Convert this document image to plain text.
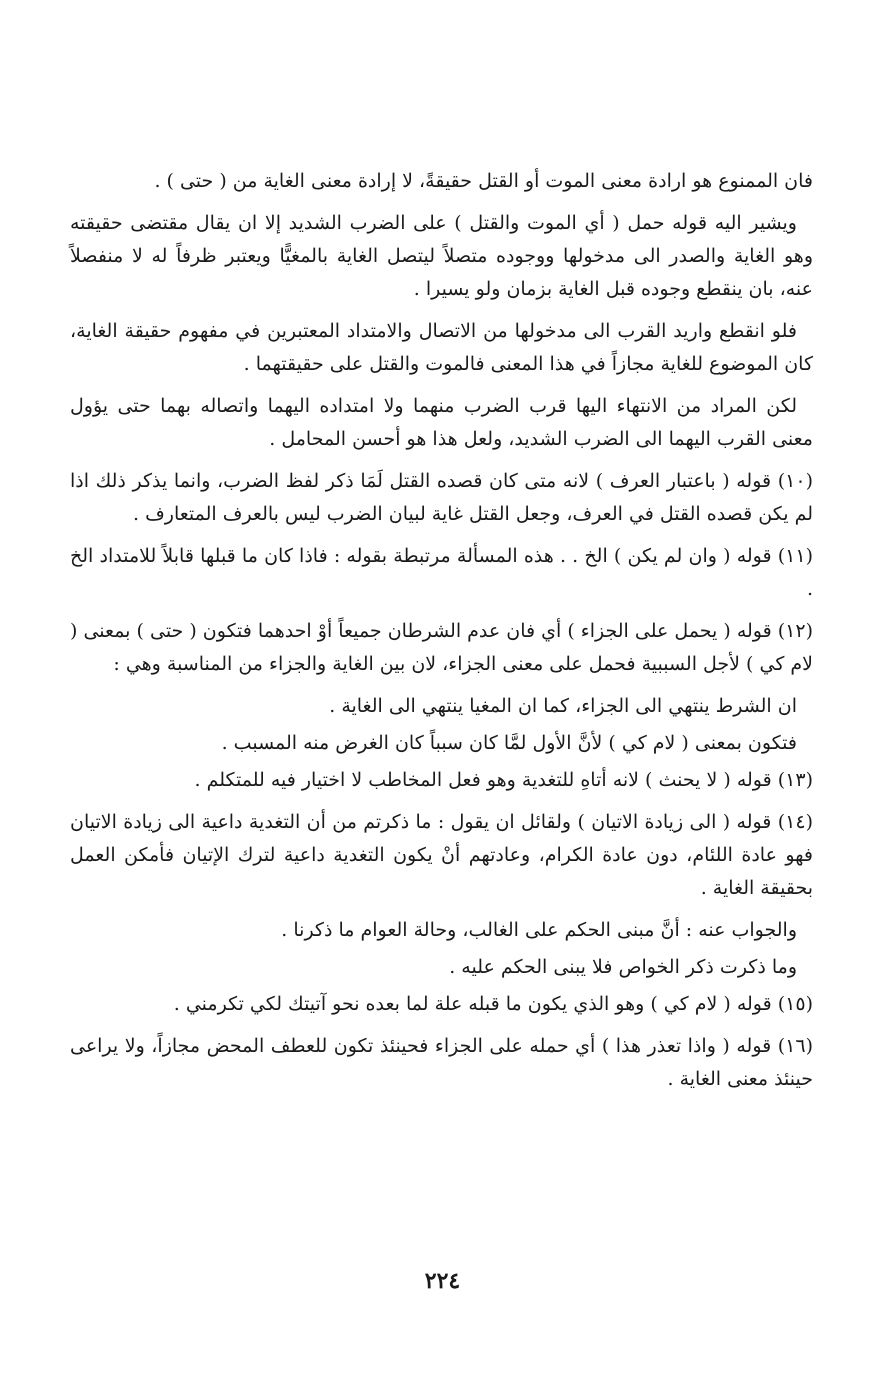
فان الممنوع هو ارادة معنى الموت أو القتل حقيقةً، لا إرادة معنى الغاية من ( حتى ) .

ويشير اليه قوله حمل ( أي الموت والقتل ) على الضرب الشديد إلا ان يقال مقتضى حقيقته وهو الغاية والصدر الى مدخولها ووجوده متصلاً ليتصل الغاية بالمغيًّا ويعتبر ظرفاً له لا منفصلاً عنه، بان ينقطع وجوده قبل الغاية بزمان ولو يسيرا .

فلو انقطع واريد القرب الى مدخولها من الاتصال والامتداد المعتبرين في مفهوم حقيقة الغاية، كان الموضوع للغاية مجازاً في هذا المعنى فالموت والقتل على حقيقتهما .

لكن المراد من الانتهاء اليها قرب الضرب منهما ولا امتداده اليهما واتصاله بهما حتى يؤول معنى القرب اليهما الى الضرب الشديد، ولعل هذا هو أحسن المحامل .

(١٠) قوله ( باعتبار العرف ) لانه متى كان قصده القتل لَمَا ذكر لفظ الضرب، وانما يذكر ذلك اذا لم يكن قصده القتل في العرف، وجعل القتل غاية لبيان الضرب ليس بالعرف المتعارف .

(١١) قوله ( وان لم يكن ) الخ . . هذه المسألة مرتبطة بقوله : فاذا كان ما قبلها قابلاً للامتداد الخ .

(١٢) قوله ( يحمل على الجزاء ) أي فان عدم الشرطان جميعاً أوْ احدهما فتكون ( حتى ) بمعنى ( لام كي ) لأجل السببية فحمل على معنى الجزاء، لان بين الغاية والجزاء من المناسبة وهي :

ان الشرط ينتهي الى الجزاء، كما ان المغيا ينتهي الى الغاية .

فتكون بمعنى ( لام كي ) لأنَّ الأول لمَّا كان سبباً كان الغرض منه المسبب .

(١٣) قوله ( لا يحنث ) لانه أتاهِ للتغدية وهو فعل المخاطب لا اختيار فيه للمتكلم .

(١٤) قوله ( الى زيادة الاتيان ) ولقائل ان يقول : ما ذكرتم من أن التغدية داعية الى زيادة الاتيان فهو عادة اللئام، دون عادة الكرام، وعادتهم أنْ يكون التغدية داعية لترك الإتيان فأمكن العمل بحقيقة الغاية .

والجواب عنه : أنَّ مبنى الحكم على الغالب، وحالة العوام ما ذكرنا .

وما ذكرت ذكر الخواص فلا يبنى الحكم عليه .

(١٥) قوله ( لام كي ) وهو الذي يكون ما قبله علة لما بعده نحو آتيتك لكي تكرمني .

(١٦) قوله ( واذا تعذر هذا ) أي حمله على الجزاء فحينئذ تكون للعطف المحض مجازاً، ولا يراعى حينئذ معنى الغاية .

٢٢٤
